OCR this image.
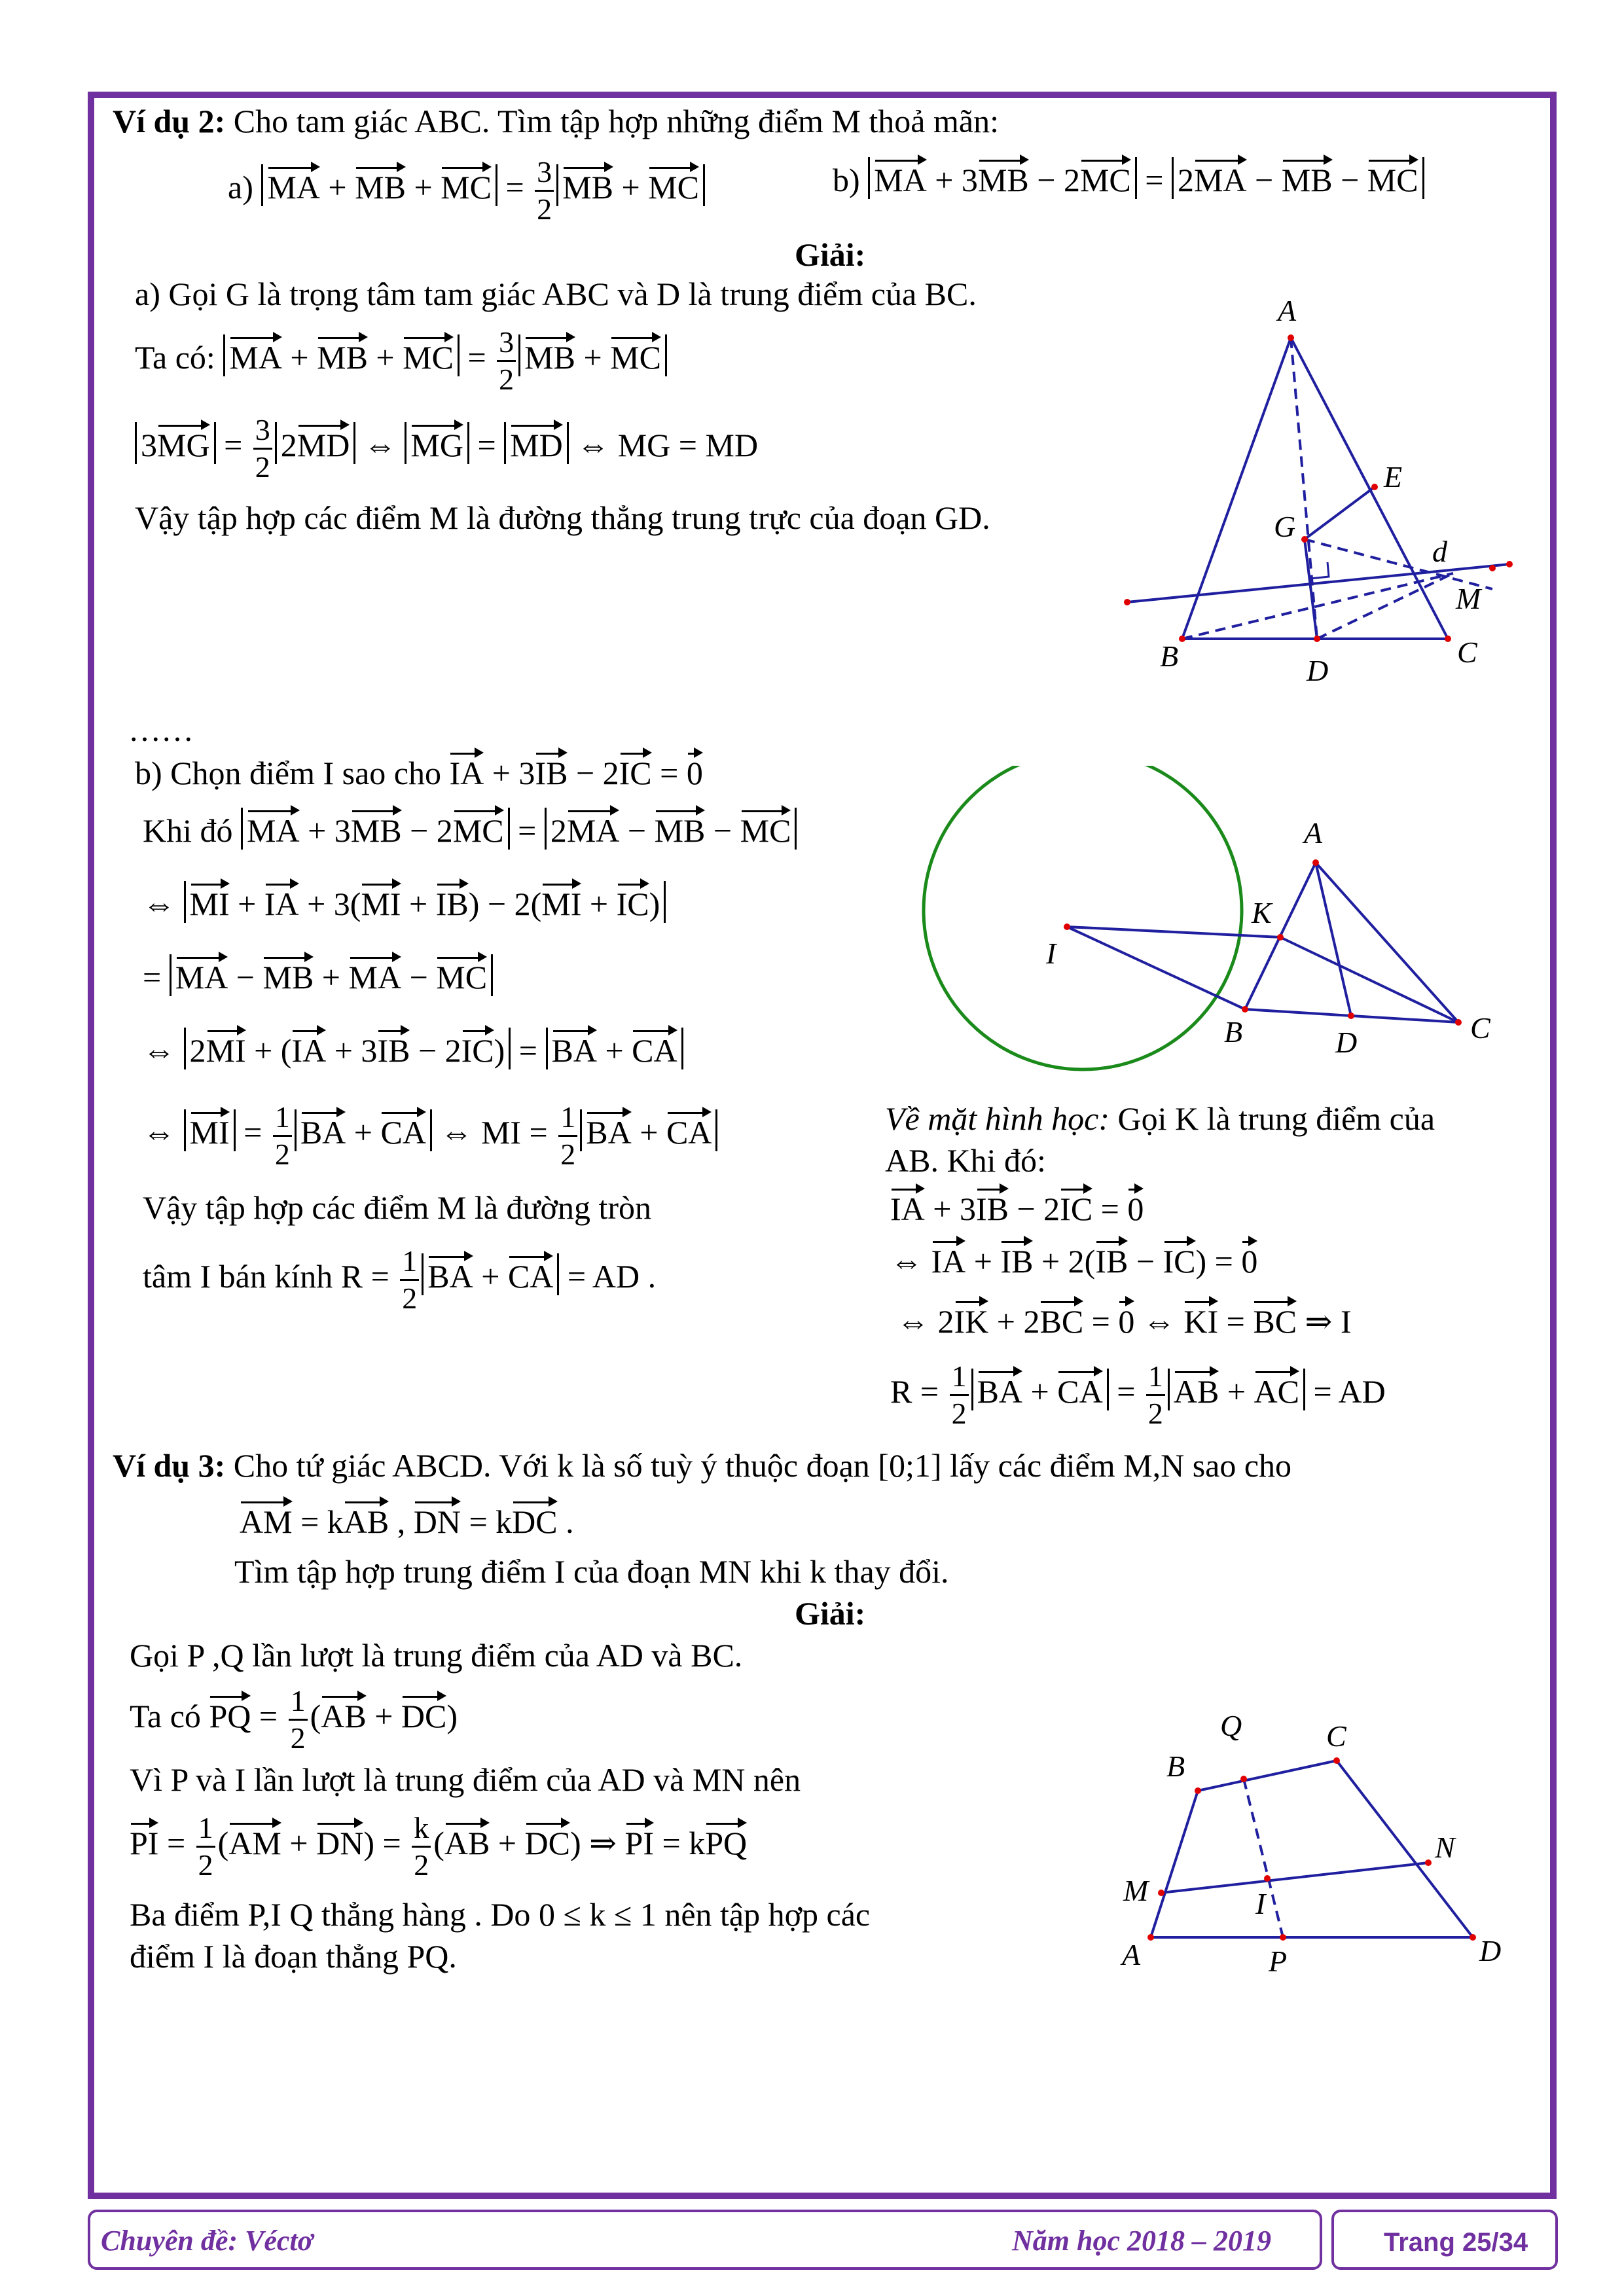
Ví dụ 2: Cho tam giác ABC. Tìm tập hợp những điểm M thoả mãn:
a) MA + MB + MC = $\frac{3}{2}$ MB + MC	b) MA + 3MB − 2MC = 2MA − MB − MC
Giải:
a) Gọi G là trọng tâm tam giác ABC và D là trung điểm của BC.
Ta có: MA + MB + MC = $\frac{3}{2}$ MB + MC
$3MG = \frac{3}{2} 2MD$ ⇔ MG = MD ⇔ MG = MD
Vậy tập hợp các điểm M là đường thẳng trung trực của đoạn GD.
A
B	C
D
E
G
d
M
……
b) Chọn điểm I sao cho IA + 3IB − 2IC = 0
Khi đó MA + 3MB − 2MC = 2MA − MB − MC
⇔ MI + IA + 3(MI + IB) − 2(MI + IC)
= MA − MB + MA − MC
⇔ 2MI + (IA + 3IB − 2IC) = BA + CA
⇔ MI = $\frac{1}{2}$ BA + CA ⇔ MI = $\frac{1}{2}$ BA + CA
Vậy tập hợp các điểm M là đường tròn
tâm I bán kính $R = \frac{1}{2}$ BA + CA = AD .
A
B	C
D
I
K
Về mặt hình học: Gọi K là trung điểm của
AB. Khi đó:
IA + 3IB − 2IC = 0
⇔ IA + IB + 2(IB − IC) = 0
⇔ 2IK + 2BC = 0 ⇔ KI = BC ⇒ I
$R = \frac{1}{2}$ BA + CA = $\frac{1}{2}$ AB + AC = AD
Ví dụ 3: Cho tứ giác ABCD. Với k là số tuỳ ý thuộc đoạn [0;1] lấy các điểm M,N sao cho
AM = kAB , DN = kDC .
Tìm tập hợp trung điểm I của đoạn MN khi k thay đổi.
Giải:
Gọi P ,Q lần lượt là trung điểm của AD và BC.
Ta có PQ = $\frac{1}{2} (AB + DC)$
Vì P và I lần lượt là trung điểm của AD và MN nên
PI = $\frac{1}{2} (AM + DN) = \frac{k}{2} (AB + DC)$ ⇒ PI = kPQ
Ba điểm P,I Q thẳng hàng . Do 0 ≤ k ≤ 1 nên tập hợp các
điểm I là đoạn thẳng PQ.	A
B
C
D
M
N
P
Q
I
Chuyên đề: Véctơ	Năm học 2018 – 2019	Trang 25/34
